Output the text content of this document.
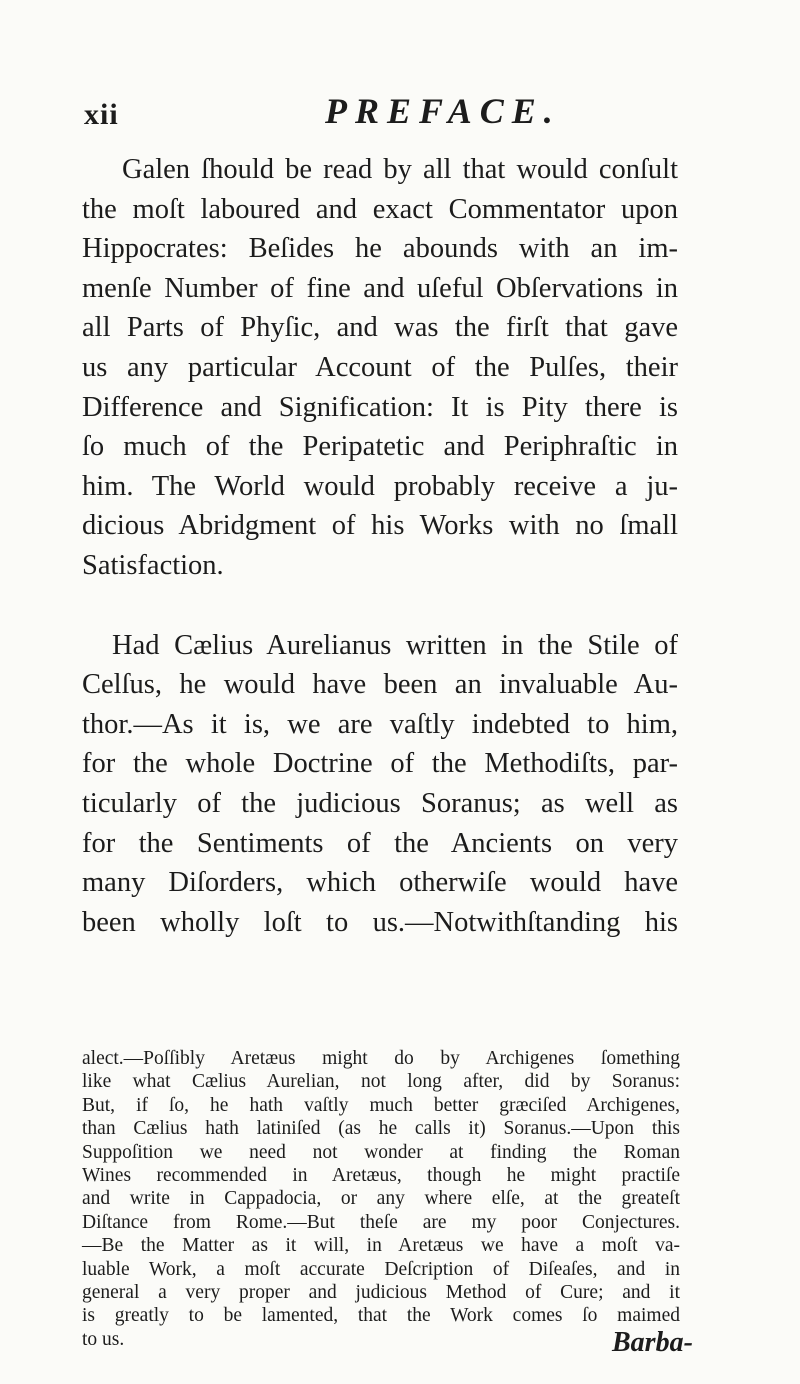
xii	PREFACE.
Galen ſhould be read by all that would conſult
the moſt laboured and exact Commentator upon
Hippocrates: Beſides he abounds with an im-
menſe Number of fine and uſeful Obſervations in
all Parts of Phyſic, and was the firſt that gave
us any particular Account of the Pulſes, their
Difference and Signification: It is Pity there is
ſo much of the Peripatetic and Periphraſtic in
him. The World would probably receive a ju-
dicious Abridgment of his Works with no ſmall
Satisfaction.
Had Cælius Aurelianus written in the Stile of
Celſus, he would have been an invaluable Au-
thor.—As it is, we are vaſtly indebted to him,
for the whole Doctrine of the Methodiſts, par-
ticularly of the judicious Soranus; as well as
for the Sentiments of the Ancients on very
many Diſorders, which otherwiſe would have
been wholly loſt to us.—Notwithſtanding his
alect.—Poſſibly Aretæus might do by Archigenes ſomething
like what Cælius Aurelian, not long after, did by Soranus:
But, if ſo, he hath vaſtly much better græciſed Archigenes,
than Cælius hath latiniſed (as he calls it) Soranus.—Upon this
Suppoſition we need not wonder at finding the Roman
Wines recommended in Aretæus, though he might practiſe
and write in Cappadocia, or any where elſe, at the greateſt
Diſtance from Rome.—But theſe are my poor Conjectures.
—Be the Matter as it will, in Aretæus we have a moſt va-
luable Work, a moſt accurate Deſcription of Diſeaſes, and in
general a very proper and judicious Method of Cure; and it
is greatly to be lamented, that the Work comes ſo maimed
to us.	Barba-
